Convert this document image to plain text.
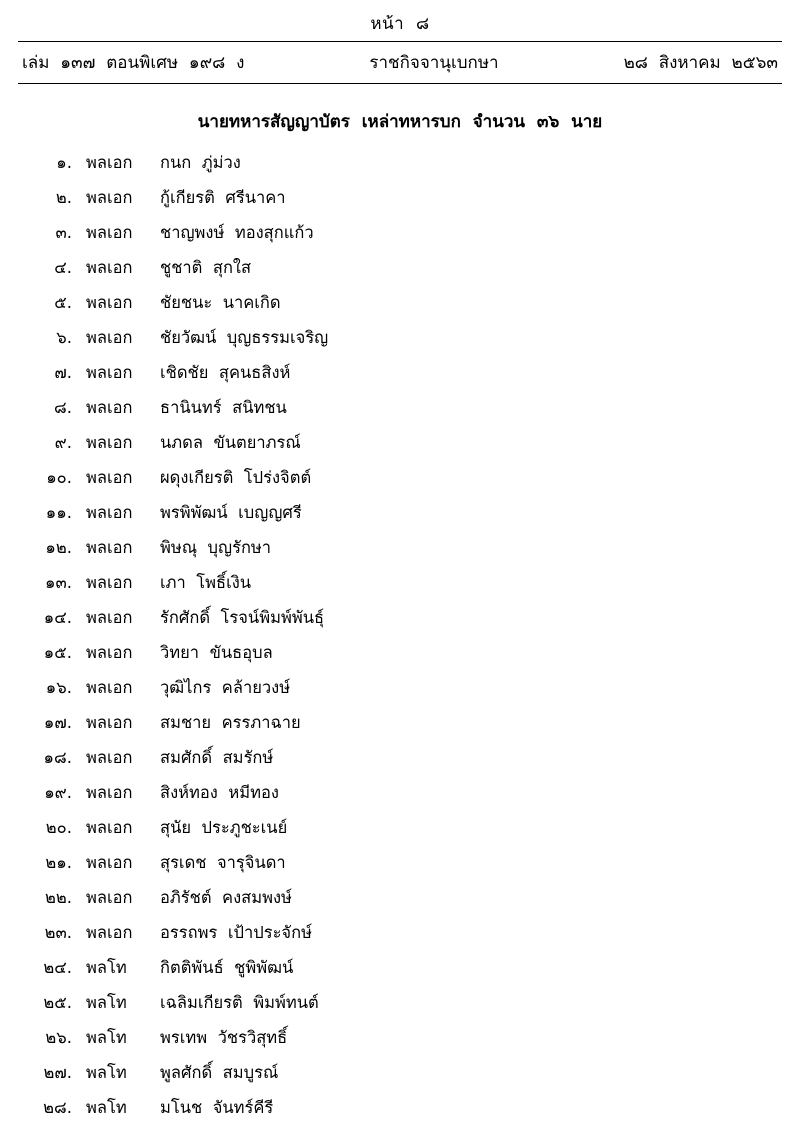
หน้า  ๘
เล่ม  ๑๓๗  ตอนพิเศษ  ๑๙๘  ง	ราชกิจจานุเบกษา	๒๘  สิงหาคม  ๒๕๖๓
นายทหารสัญญาบัตร  เหล่าทหารบก  จำนวน  ๓๖  นาย
๑. พลเอก	กนก  ภู่ม่วง
๒. พลเอก	กู้เกียรติ  ศรีนาคา
๓. พลเอก	ชาญพงษ์  ทองสุกแก้ว
๔. พลเอก	ชูชาติ  สุกใส
๕. พลเอก	ชัยชนะ  นาคเกิด
๖. พลเอก	ชัยวัฒน์  บุญธรรมเจริญ
๗. พลเอก	เชิดชัย  สุคนธสิงห์
๘. พลเอก	ธานินทร์  สนิทชน
๙. พลเอก	นภดล  ขันตยาภรณ์
๑๐. พลเอก	ผดุงเกียรติ  โปร่งจิตต์
๑๑. พลเอก	พรพิพัฒน์  เบญญศรี
๑๒. พลเอก	พิษณุ  บุญรักษา
๑๓. พลเอก	เภา  โพธิ์เงิน
๑๔. พลเอก	รักศักดิ์  โรจน์พิมพ์พันธุ์
๑๕. พลเอก	วิทยา  ขันธอุบล
๑๖. พลเอก	วุฒิไกร  คล้ายวงษ์
๑๗. พลเอก	สมชาย  ครรภาฉาย
๑๘. พลเอก	สมศักดิ์  สมรักษ์
๑๙. พลเอก	สิงห์ทอง  หมีทอง
๒๐. พลเอก	สุนัย  ประภูชะเนย์
๒๑. พลเอก	สุรเดช  จารุจินดา
๒๒. พลเอก	อภิรัชต์  คงสมพงษ์
๒๓. พลเอก	อรรถพร  เป้าประจักษ์
๒๔. พลโท	กิตติพันธ์  ชูพิพัฒน์
๒๕. พลโท	เฉลิมเกียรติ  พิมพ์ทนต์
๒๖. พลโท	พรเทพ  วัชรวิสุทธิ์
๒๗. พลโท	พูลศักดิ์  สมบูรณ์
๒๘. พลโท	มโนช  จันทร์คีรี
